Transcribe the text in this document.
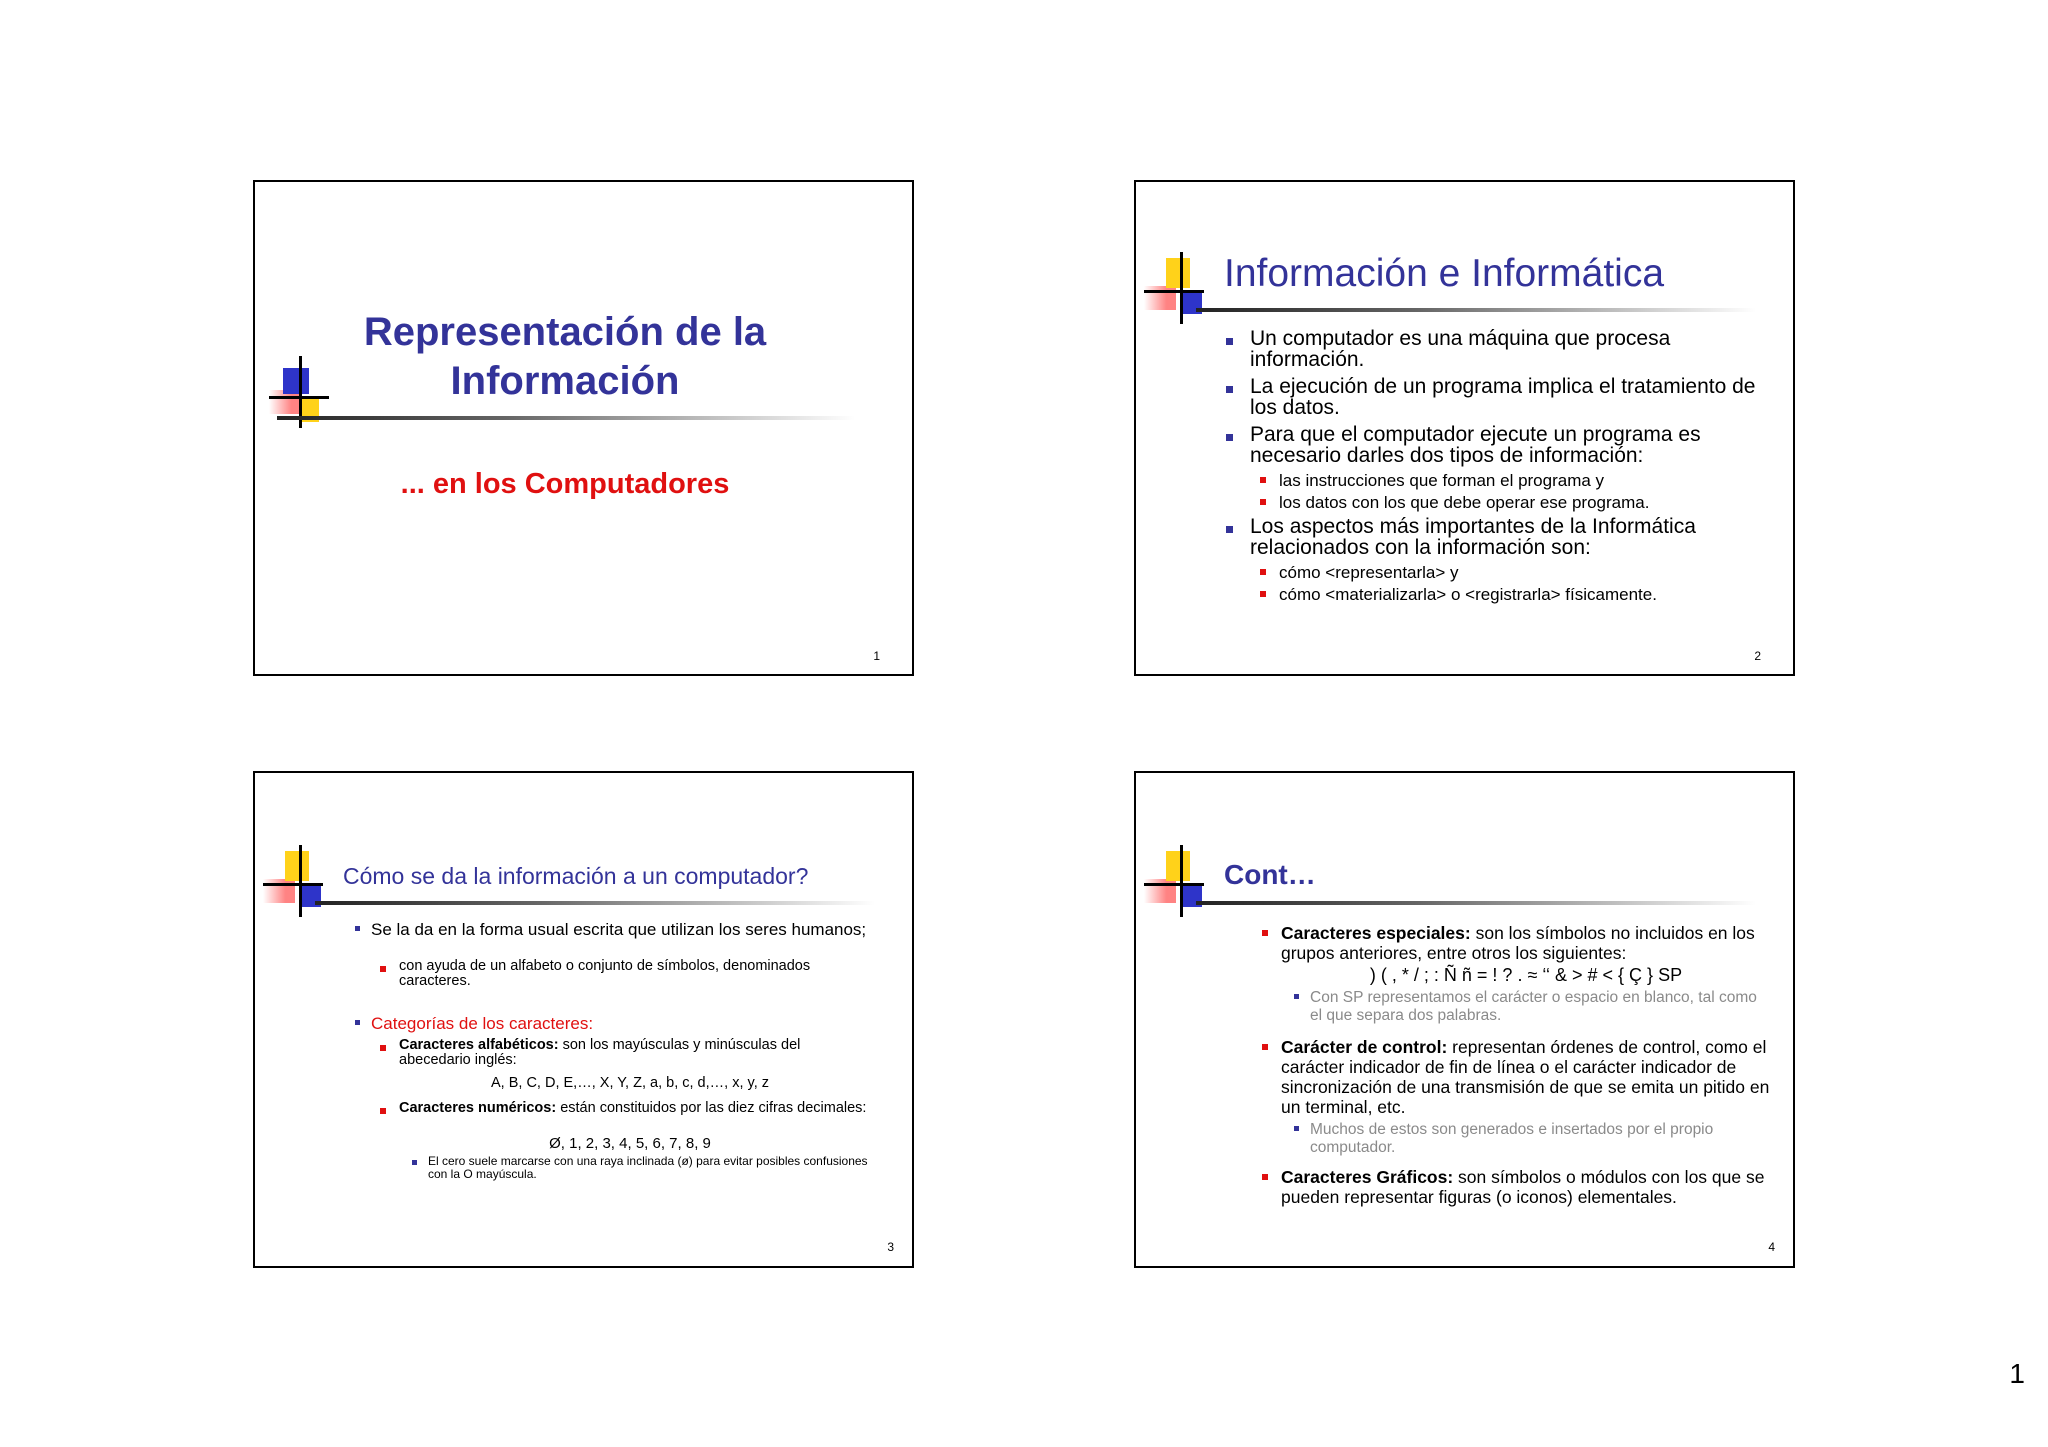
Representación de la
Información
... en los Computadores
1
Información e Informática
Un computador es una máquina que procesa información.
La ejecución de un programa implica el tratamiento de los datos.
Para que el computador ejecute un programa es necesario darles dos tipos de información:
las instrucciones que forman el programa y
los datos con los que debe operar ese programa.
Los aspectos más importantes de la Informática relacionados con la información son:
cómo <representarla> y
cómo <materializarla> o <registrarla> físicamente.
2
Cómo se da la información a un computador?
Se la da en la forma usual escrita que utilizan los seres humanos;
con ayuda de un alfabeto o conjunto de símbolos, denominados caracteres.
Categorías de los caracteres:
Caracteres alfabéticos: son los mayúsculas y minúsculas del abecedario inglés:
A, B, C, D, E,…, X, Y, Z, a, b, c, d,…, x, y, z
Caracteres numéricos: están constituidos por las diez cifras decimales:
Ø, 1, 2, 3, 4, 5, 6, 7, 8, 9
El cero suele marcarse con una raya inclinada (ø) para evitar posibles confusiones con la O mayúscula.
3
Cont…
Caracteres especiales: son los símbolos no incluidos en los grupos anteriores, entre otros los siguientes:
) ( , * / ; : Ñ ñ = ! ? . ≈ ‘‘ & > # < { Ç } SP
Con SP representamos el carácter o espacio en blanco, tal como el que separa dos palabras.
Carácter de control: representan órdenes de control, como el carácter indicador de fin de línea o el carácter indicador de sincronización de una transmisión de que se emita un pitido en un terminal, etc.
Muchos de estos son generados e insertados por el propio computador.
Caracteres Gráficos: son símbolos o módulos con los que se pueden representar figuras (o iconos) elementales.
4
1
